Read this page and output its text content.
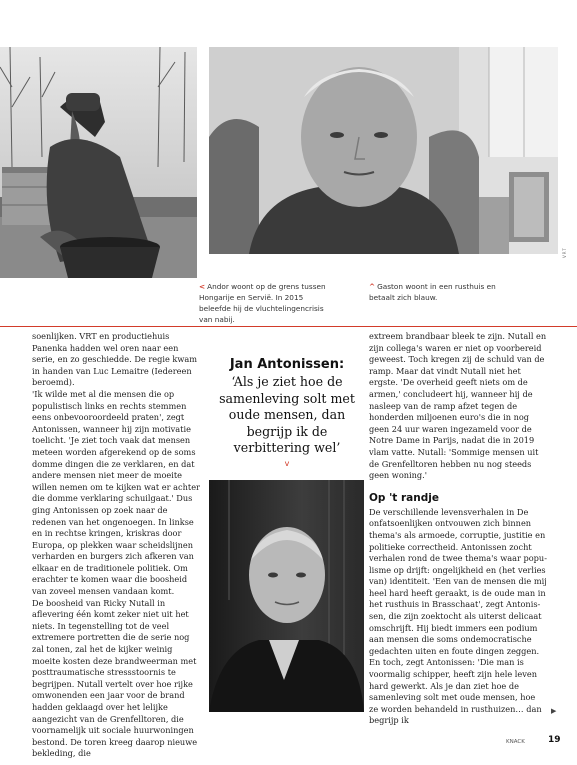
VRT
< Andor woont op de grens tussen Hongarije en Servië. In 2015 beleefde hij de vluchtelingencrisis van nabij.
^ Gaston woont in een rusthuis en betaalt zich blauw.

soenlijken. VRT en productiehuis Panenka hadden wel oren naar een serie, en zo geschiedde. De regie kwam in handen van Luc Lemaitre (Iedereen beroemd).

'Ik wilde met al die mensen die op populistisch links en rechts stemmen eens onbevooroordeeld praten', zegt Antonissen, wanneer hij zijn motivatie toelicht. 'Je ziet toch vaak dat mensen meteen worden afgerekend op de soms domme dingen die ze verklaren, en dat andere mensen niet meer de moeite willen nemen om te kijken wat er achter die domme verklaring schuilgaat.' Dus ging Antonissen op zoek naar de redenen van het ongenoegen. In linkse en in rechtse kringen, kriskras door Europa, op plekken waar scheidslijnen verharden en burgers zich afkeren van elkaar en de traditionele politiek. Om erachter te komen waar die boosheid van zoveel mensen vandaan komt.

De boosheid van Ricky Nutall in aflevering één komt zeker niet uit het niets. In tegenstelling tot de veel extremere portretten die de serie nog zal tonen, zal het de kijker weinig moeite kosten deze brandweerman met posttraumatische stressstoornis te begrijpen. Nutall vertelt over hoe rijke omwonenden een jaar voor de brand hadden geklaagd over het lelijke aangezicht van de Grenfelltoren, die voornamelijk uit sociale huurwoningen bestond. De toren kreeg daarop nieuwe bekleding, die

Jan Antonissen:
‘Als je ziet hoe de samenleving solt met oude mensen, dan begrijp ik de verbittering wel’
v

extreem brandbaar bleek te zijn. Nutall en zijn collega's waren er niet op voorbereid geweest. Toch kregen zij de schuld van de ramp. Maar dat vindt Nutall niet het ergste. 'De overheid geeft niets om de armen,' concludeert hij, wanneer hij de nasleep van de ramp afzet tegen de honderden miljoenen euro's die in nog geen 24 uur waren ingezameld voor de Notre Dame in Parijs, nadat die in 2019 vlam vatte. Nutall: 'Sommige mensen uit de Grenfelltoren hebben nu nog steeds geen woning.'

Op 't randje

De verschillende levensverhalen in De onfatsoenlijken ontvouwen zich binnen thema's als armoede, corruptie, justitie en politieke correctheid. Antonissen zocht verhalen rond de twee thema's waar populisme op drijft: ongelijkheid en (het verlies van) identiteit. 'Een van de mensen die mij heel hard heeft geraakt, is de oude man in het rusthuis in Brasschaat', zegt Antonissen, die zijn zoektocht als uiterst delicaat omschrijft. Hij biedt immers een podium aan mensen die soms ondemocratische gedachten uiten en foute dingen zeggen. En toch, zegt Antonissen: 'Die man is voormalig schipper, heeft zijn hele leven hard gewerkt. Als je dan ziet hoe de samenleving solt met oude mensen, hoe ze worden behandeld in rusthuizen… dan begrijp ik

▶
KNACK	19
